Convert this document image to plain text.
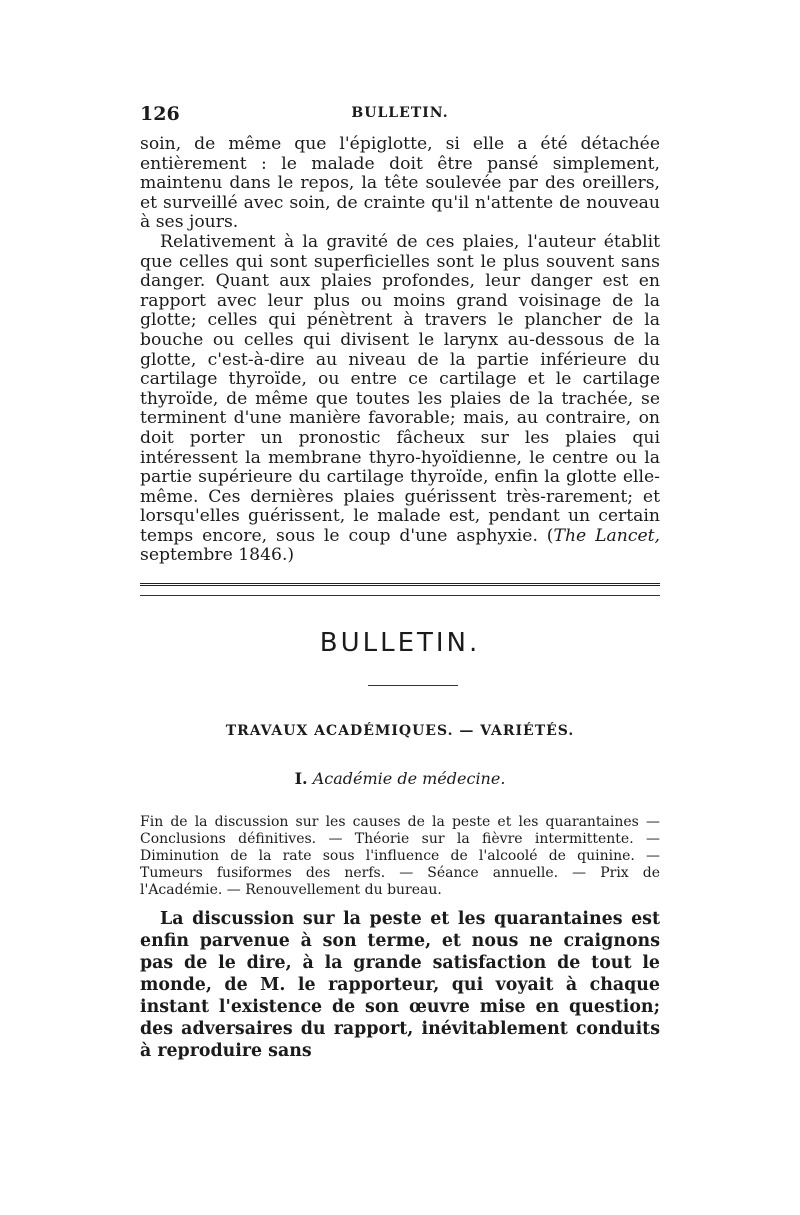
126	BULLETIN.

soin, de même que l'épiglotte, si elle a été détachée entièrement : le malade doit être pansé simplement, maintenu dans le repos, la tête soulevée par des oreillers, et surveillé avec soin, de crainte qu'il n'attente de nouveau à ses jours.

Relativement à la gravité de ces plaies, l'auteur établit que celles qui sont superficielles sont le plus souvent sans danger. Quant aux plaies profondes, leur danger est en rapport avec leur plus ou moins grand voisinage de la glotte; celles qui pénètrent à travers le plancher de la bouche ou celles qui divisent le larynx au-dessous de la glotte, c'est-à-dire au niveau de la partie inférieure du cartilage thyroïde, ou entre ce cartilage et le cartilage thyroïde, de même que toutes les plaies de la trachée, se terminent d'une manière favorable; mais, au contraire, on doit porter un pronostic fâcheux sur les plaies qui intéressent la membrane thyro-hyoïdienne, le centre ou la partie supérieure du cartilage thyroïde, enfin la glotte elle-même. Ces dernières plaies guérissent très-rarement; et lorsqu'elles guérissent, le malade est, pendant un certain temps encore, sous le coup d'une asphyxie. (The Lancet, septembre 1846.)

BULLETIN.
TRAVAUX ACADÉMIQUES. — VARIÉTÉS.
I. Académie de médecine.
Fin de la discussion sur les causes de la peste et les quarantaines — Conclusions définitives. — Théorie sur la fièvre intermittente. — Diminution de la rate sous l'influence de l'alcoolé de quinine. — Tumeurs fusiformes des nerfs. — Séance annuelle. — Prix de l'Académie. — Renouvellement du bureau.

La discussion sur la peste et les quarantaines est enfin parvenue à son terme, et nous ne craignons pas de le dire, à la grande satisfaction de tout le monde, de M. le rapporteur, qui voyait à chaque instant l'existence de son œuvre mise en question; des adversaires du rapport, inévitablement conduits à reproduire sans
